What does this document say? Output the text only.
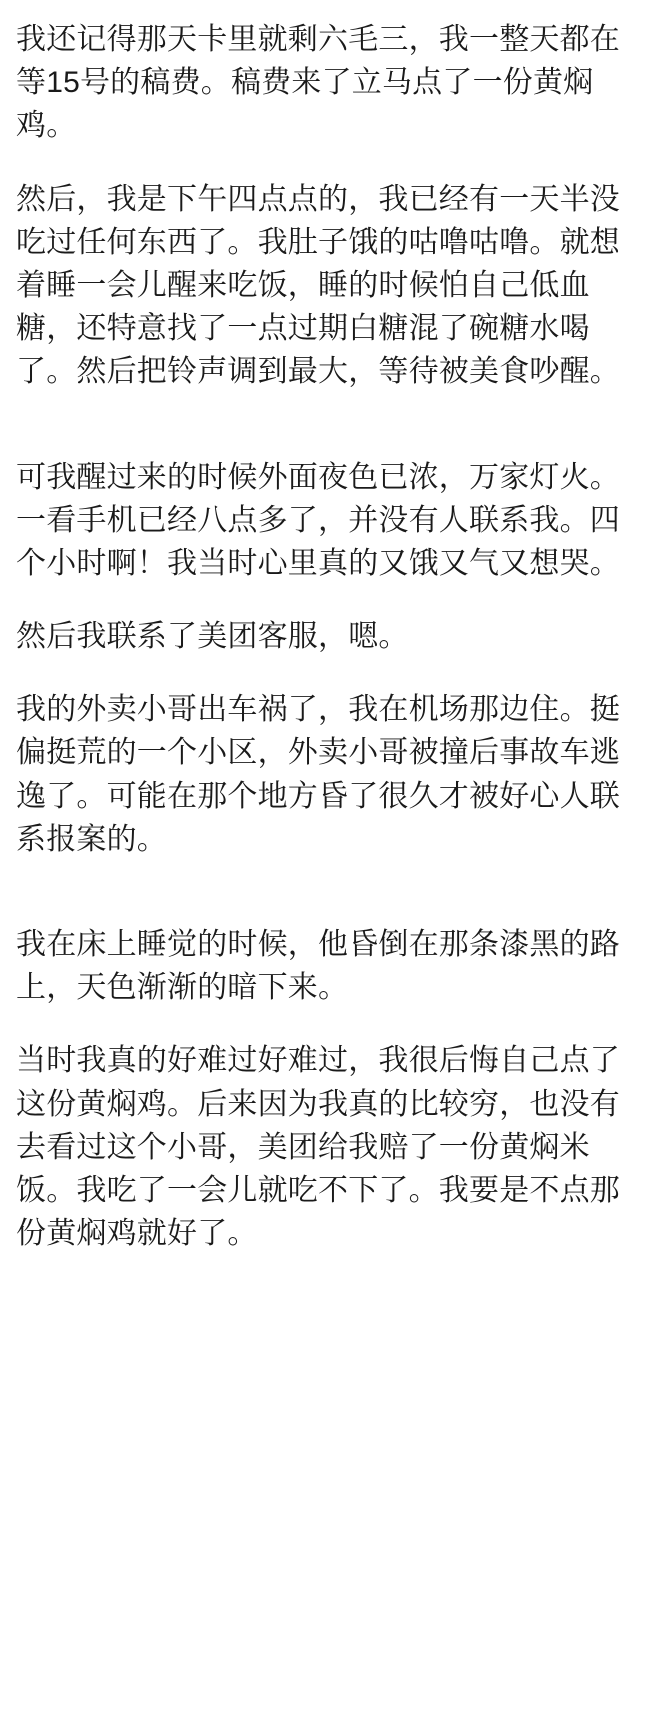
我还记得那天卡里就剩六毛三，我一整天都在等15号的稿费。稿费来了立马点了一份黄焖鸡。

然后，我是下午四点点的，我已经有一天半没吃过任何东西了。我肚子饿的咕噜咕噜。就想着睡一会儿醒来吃饭，睡的时候怕自己低血糖，还特意找了一点过期白糖混了碗糖水喝了。然后把铃声调到最大，等待被美食吵醒。

可我醒过来的时候外面夜色已浓，万家灯火。一看手机已经八点多了，并没有人联系我。四个小时啊！我当时心里真的又饿又气又想哭。

然后我联系了美团客服，嗯。

我的外卖小哥出车祸了，我在机场那边住。挺偏挺荒的一个小区，外卖小哥被撞后事故车逃逸了。可能在那个地方昏了很久才被好心人联系报案的。

我在床上睡觉的时候，他昏倒在那条漆黑的路上，天色渐渐的暗下来。

当时我真的好难过好难过，我很后悔自己点了这份黄焖鸡。后来因为我真的比较穷，也没有去看过这个小哥，美团给我赔了一份黄焖米饭。我吃了一会儿就吃不下了。我要是不点那份黄焖鸡就好了。
